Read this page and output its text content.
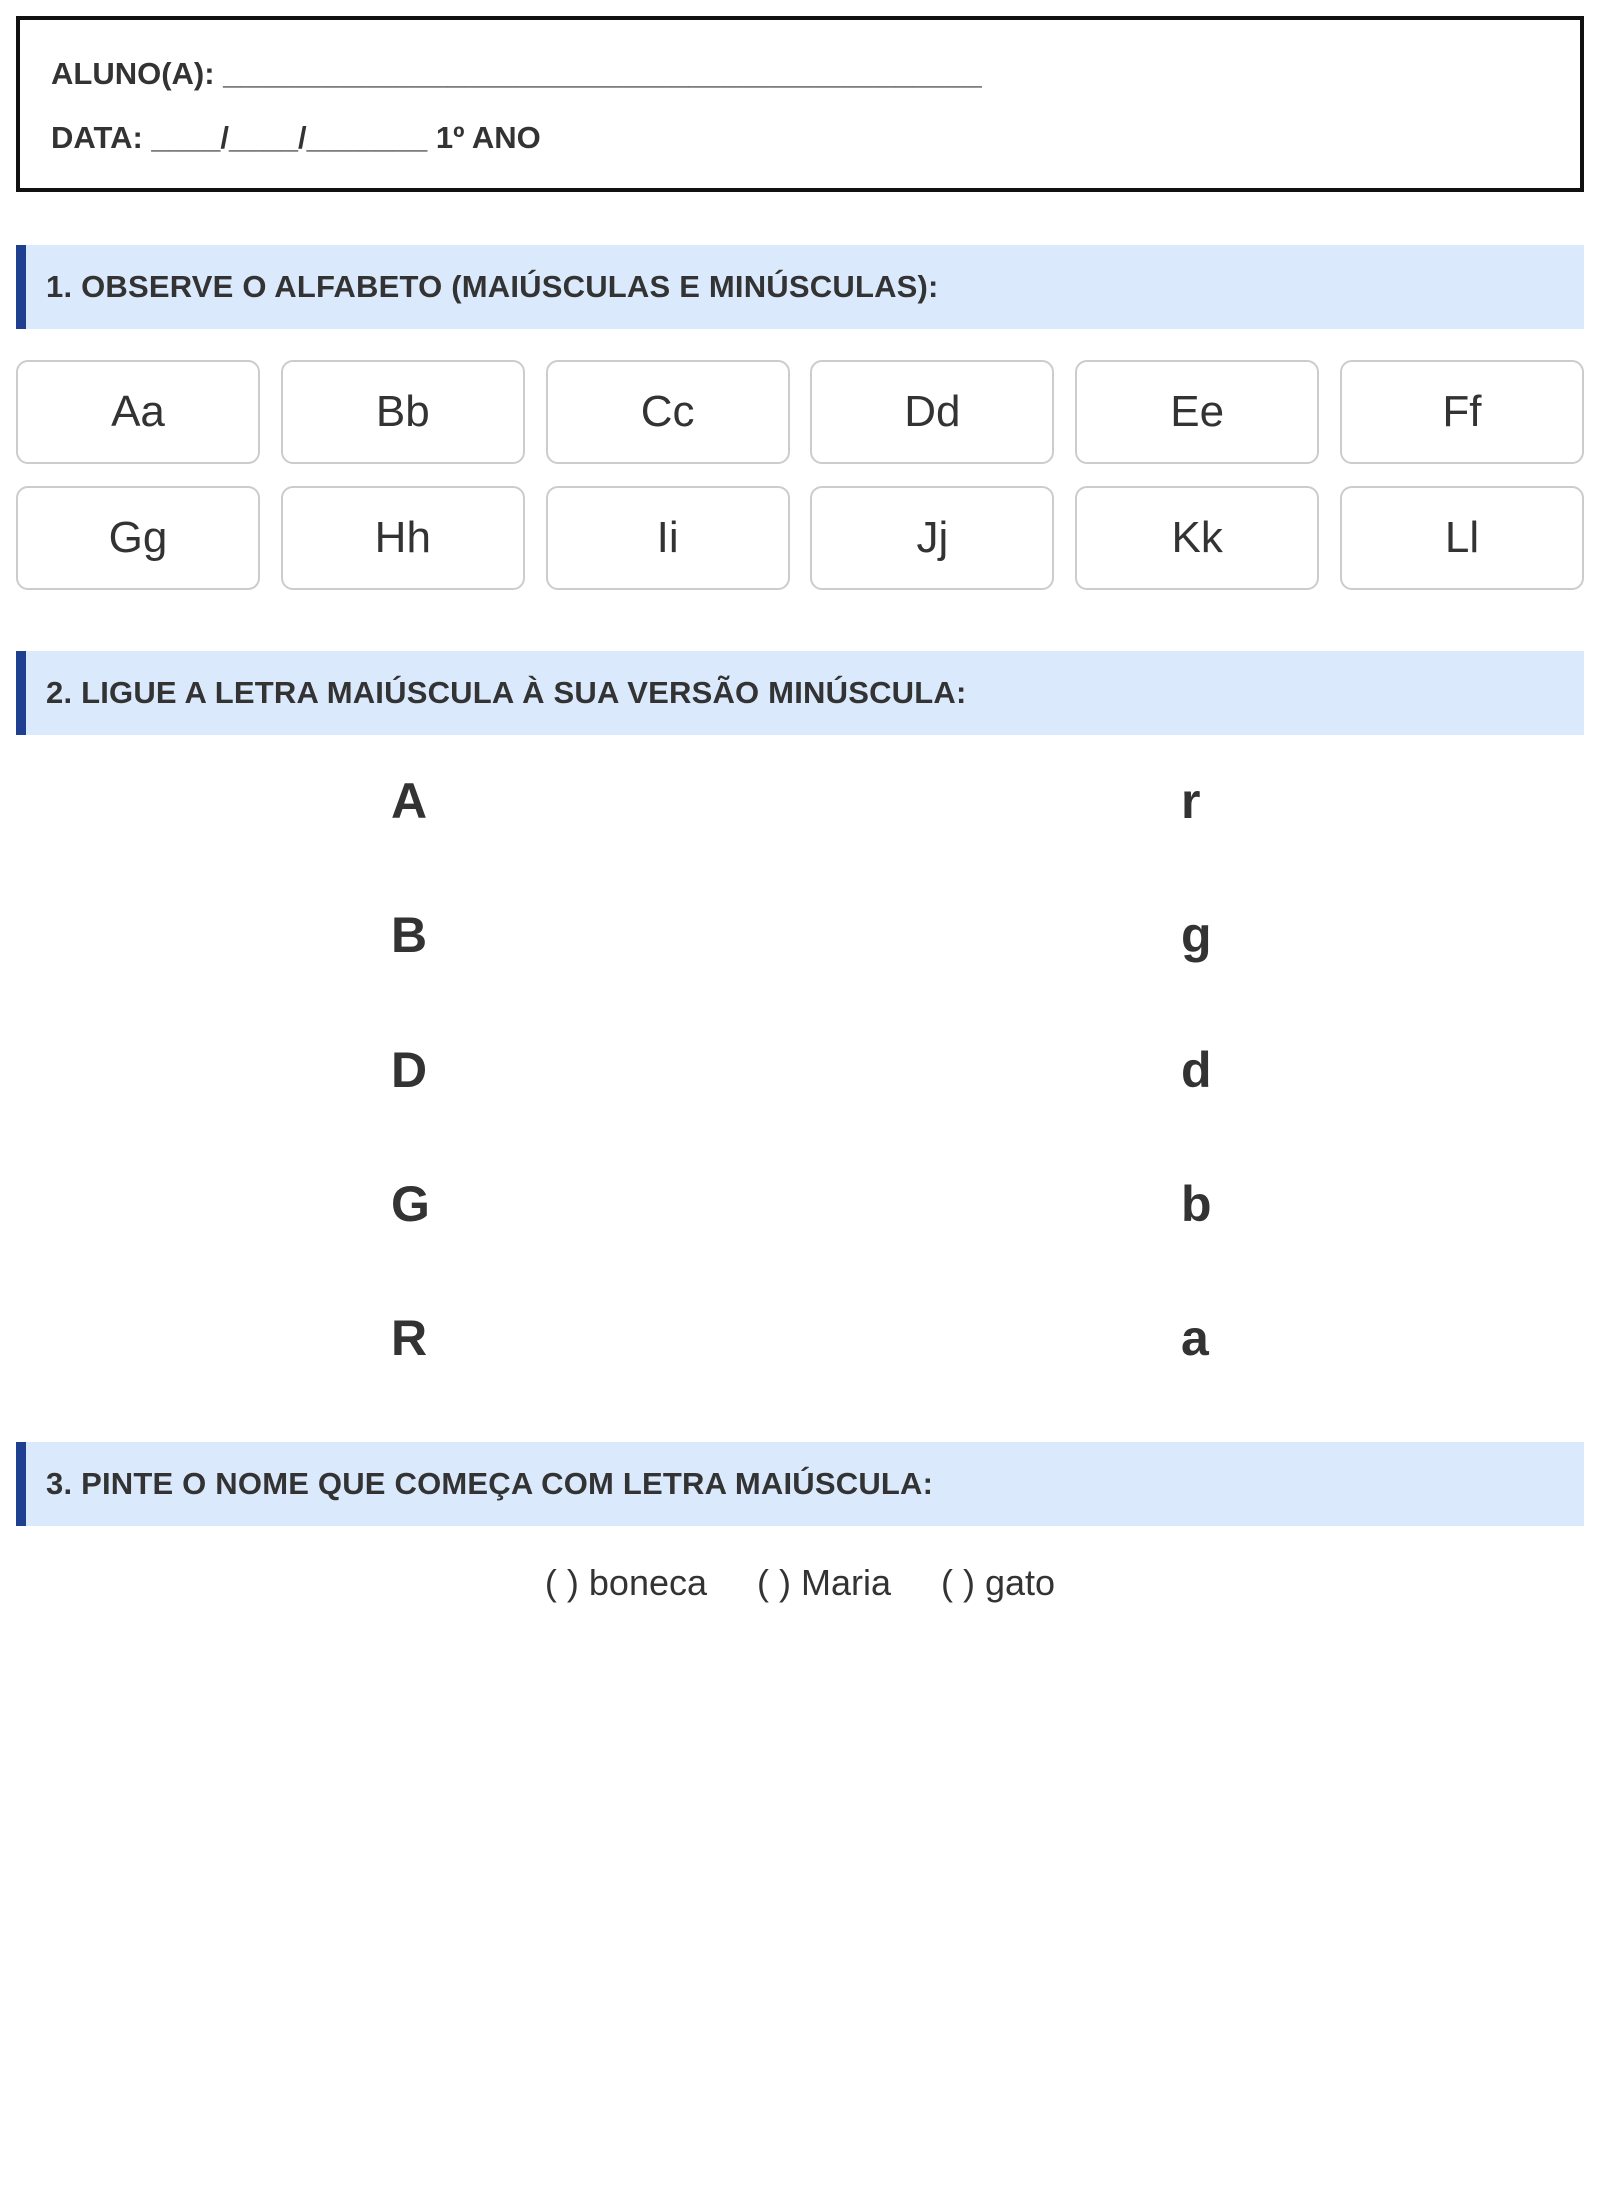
ALUNO(A): ____________________________________________
DATA: ____/____/_______ 1º ANO
1. OBSERVE O ALFABETO (MAIÚSCULAS E MINÚSCULAS):
Aa	Bb	Cc	Dd	Ee	Ff
Gg	Hh	Ii	Jj	Kk	Ll
2. LIGUE A LETRA MAIÚSCULA À SUA VERSÃO MINÚSCULA:
A
B
D
G
R
r
g
d
b
a
3. PINTE O NOME QUE COMEÇA COM LETRA MAIÚSCULA:
( ) boneca ( ) Maria ( ) gato
